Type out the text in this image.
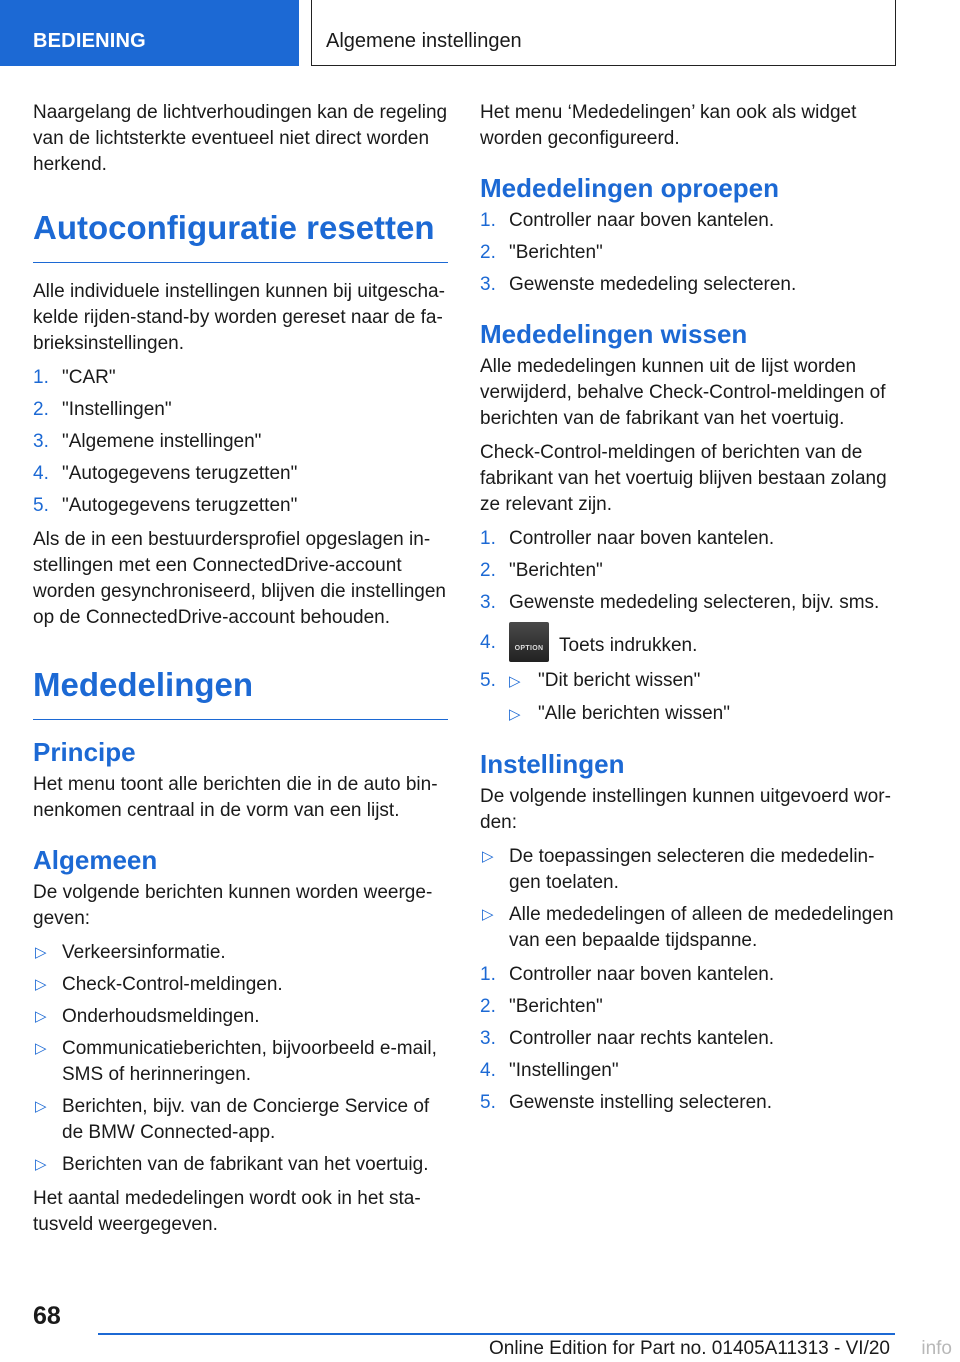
BEDIENING	Algemene instellingen

Naargelang de lichtverhoudingen kan de regeling van de lichtsterkte eventueel niet direct worden herkend.

Autoconfiguratie resetten

Alle individuele instellingen kunnen bij uitgeschakelde rijden-stand-by worden gereset naar de fabrieksinstellingen.

1. "CAR"
2. "Instellingen"
3. "Algemene instellingen"
4. "Autogegevens terugzetten"
5. "Autogegevens terugzetten"

Als de in een bestuurdersprofiel opgeslagen instellingen met een ConnectedDrive-account worden gesynchroniseerd, blijven die instellingen op de ConnectedDrive-account behouden.

Mededelingen
Principe

Het menu toont alle berichten die in de auto binnenkomen centraal in de vorm van een lijst.

Algemeen

De volgende berichten kunnen worden weergegeven:

▷ Verkeersinformatie.
▷ Check-Control-meldingen.
▷ Onderhoudsmeldingen.
▷ Communicatieberichten, bijvoorbeeld e-mail, SMS of herinneringen.
▷ Berichten, bijv. van de Concierge Service of de BMW Connected-app.
▷ Berichten van de fabrikant van het voertuig.

Het aantal mededelingen wordt ook in het statusveld weergegeven.

Het menu ‘Mededelingen’ kan ook als widget worden geconfigureerd.

Mededelingen oproepen
1. Controller naar boven kantelen.
2. "Berichten"
3. Gewenste mededeling selecteren.
Mededelingen wissen

Alle mededelingen kunnen uit de lijst worden verwijderd, behalve Check-Control-meldingen of berichten van de fabrikant van het voertuig.

Check-Control-meldingen of berichten van de fabrikant van het voertuig blijven bestaan zolang ze relevant zijn.

1. Controller naar boven kantelen.
2. "Berichten"
3. Gewenste mededeling selecteren, bijv. sms.
4.	OPTION Toets indrukken.
5. ▷ "Dit bericht wissen"
▷ "Alle berichten wissen"
Instellingen

De volgende instellingen kunnen uitgevoerd worden:

▷ De toepassingen selecteren die mededelingen toelaten.
▷ Alle mededelingen of alleen de mededelingen van een bepaalde tijdspanne.
1. Controller naar boven kantelen.
2. "Berichten"
3. Controller naar rechts kantelen.
4. "Instellingen"
5. Gewenste instelling selecteren.
68
Online Edition for Part no. 01405A11313 - VI/20 info
